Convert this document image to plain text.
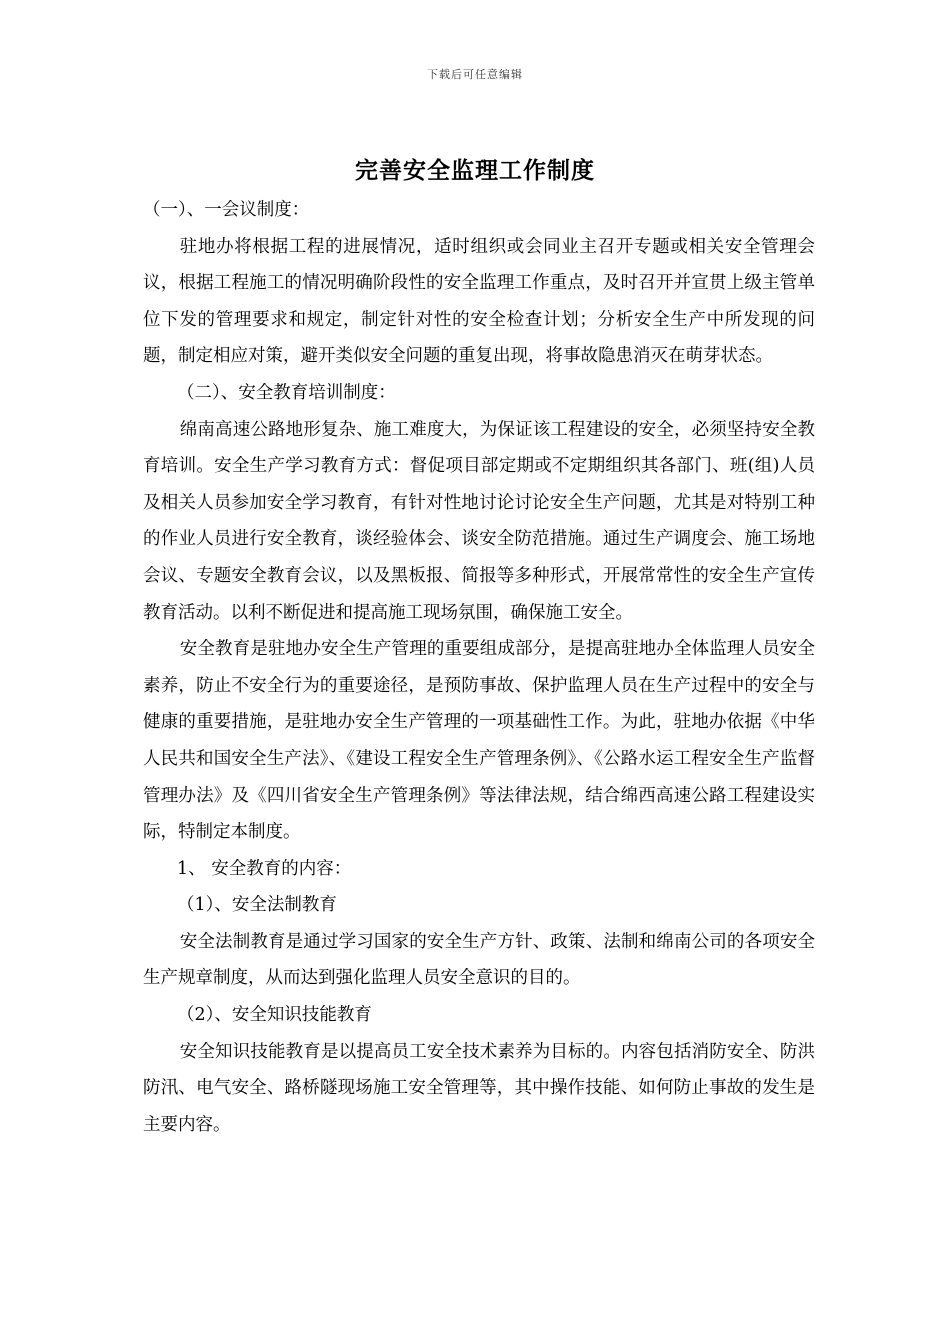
下载后可任意编辑
完善安全监理工作制度

（一）、一会议制度：

驻地办将根据工程的进展情况，适时组织或会同业主召开专题或相关安全管理会议，根据工程施工的情况明确阶段性的安全监理工作重点，及时召开并宣贯上级主管单位下发的管理要求和规定，制定针对性的安全检查计划；分析安全生产中所发现的问题，制定相应对策，避开类似安全问题的重复出现，将事故隐患消灭在萌芽状态。

（二）、安全教育培训制度：

绵南高速公路地形复杂、施工难度大，为保证该工程建设的安全，必须坚持安全教育培训。安全生产学习教育方式：督促项目部定期或不定期组织其各部门、班(组)人员及相关人员参加安全学习教育，有针对性地讨论讨论安全生产问题，尤其是对特别工种的作业人员进行安全教育，谈经验体会、谈安全防范措施。通过生产调度会、施工场地会议、专题安全教育会议，以及黑板报、简报等多种形式，开展常常性的安全生产宣传教育活动。以利不断促进和提高施工现场氛围，确保施工安全。

安全教育是驻地办安全生产管理的重要组成部分，是提高驻地办全体监理人员安全素养，防止不安全行为的重要途径，是预防事故、保护监理人员在生产过程中的安全与健康的重要措施，是驻地办安全生产管理的一项基础性工作。为此，驻地办依据《中华人民共和国安全生产法》、《建设工程安全生产管理条例》、《公路水运工程安全生产监督管理办法》及《四川省安全生产管理条例》等法律法规，结合绵西高速公路工程建设实际，特制定本制度。

1、 安全教育的内容：

（1）、安全法制教育

安全法制教育是通过学习国家的安全生产方针、政策、法制和绵南公司的各项安全生产规章制度，从而达到强化监理人员安全意识的目的。

（2）、安全知识技能教育

安全知识技能教育是以提高员工安全技术素养为目标的。内容包括消防安全、防洪防汛、电气安全、路桥隧现场施工安全管理等，其中操作技能、如何防止事故的发生是主要内容。
